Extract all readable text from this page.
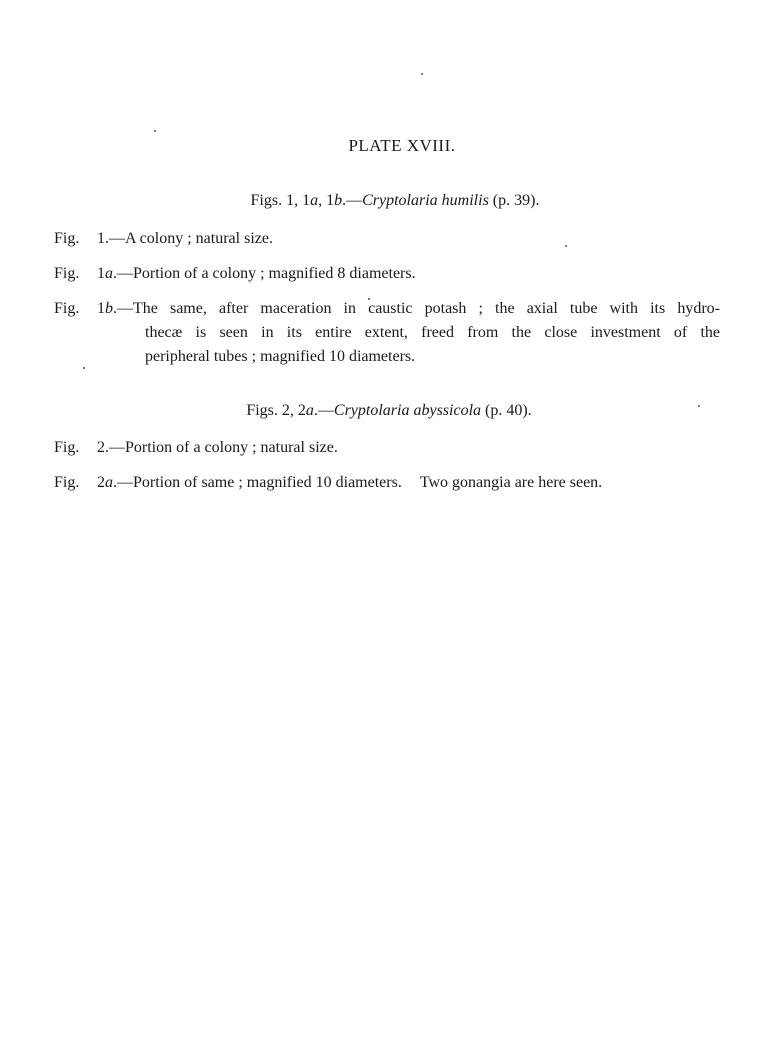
PLATE XVIII.
Figs. 1, 1a, 1b.—Cryptolaria humilis (p. 39).
Fig. 1.—A colony ; natural size.
Fig. 1a.—Portion of a colony ; magnified 8 diameters.
Fig. 1b.—The same, after maceration in caustic potash ; the axial tube with its hydro-
thecæ is seen in its entire extent, freed from the close investment of the
peripheral tubes ; magnified 10 diameters.
Figs. 2, 2a.—Cryptolaria abyssicola (p. 40).
Fig. 2.—Portion of a colony ; natural size.
Fig. 2a.—Portion of same ; magnified 10 diameters. Two gonangia are here seen.
